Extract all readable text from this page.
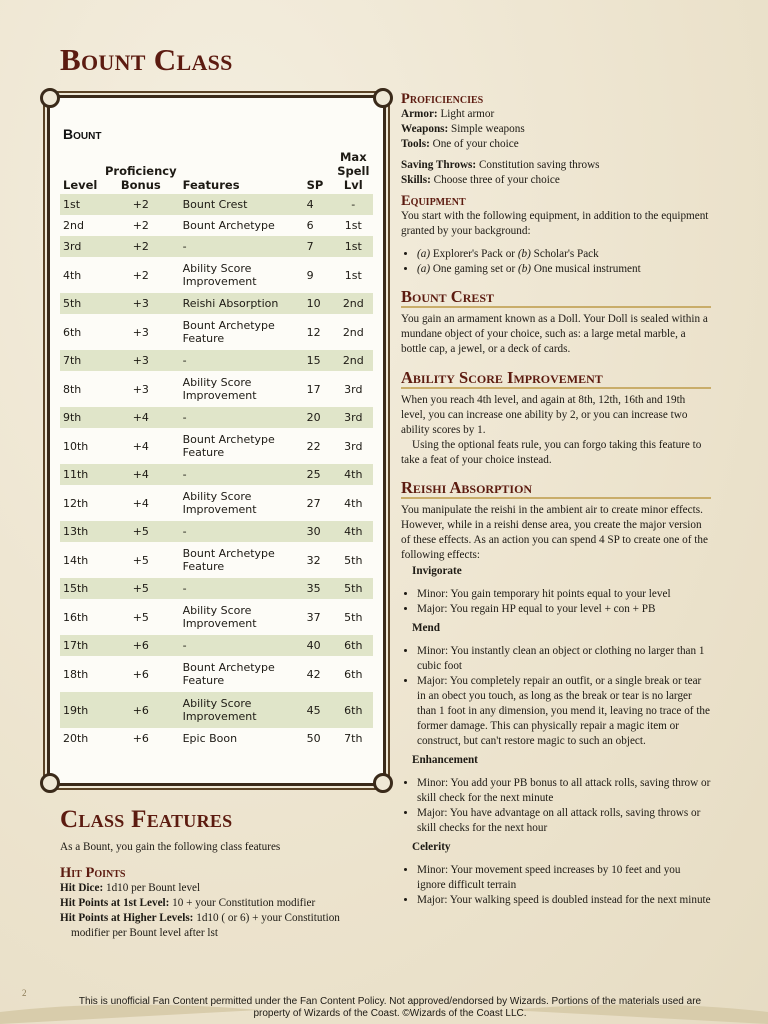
Bount Class
Bount
Level	Proficiency Bonus	Features	SP	Max Spell Lvl
1st	+2	Bount Crest	4	-
2nd	+2	Bount Archetype	6	1st
3rd	+2	-	7	1st
4th	+2	Ability Score Improvement	9	1st
5th	+3	Reishi Absorption	10	2nd
6th	+3	Bount Archetype Feature	12	2nd
7th	+3	-	15	2nd
8th	+3	Ability Score Improvement	17	3rd
9th	+4	-	20	3rd
10th	+4	Bount Archetype Feature	22	3rd
11th	+4	-	25	4th
12th	+4	Ability Score Improvement	27	4th
13th	+5	-	30	4th
14th	+5	Bount Archetype Feature	32	5th
15th	+5	-	35	5th
16th	+5	Ability Score Improvement	37	5th
17th	+6	-	40	6th
18th	+6	Bount Archetype Feature	42	6th
19th	+6	Ability Score Improvement	45	6th
20th	+6	Epic Boon	50	7th
Class Features

As a Bount, you gain the following class features

Hit Points

Hit Dice: 1d10 per Bount level

Hit Points at 1st Level: 10 + your Constitution modifier

Hit Points at Higher Levels: 1d10 ( or 6) + your Constitution modifier per Bount level after lst

Proficiencies

Armor: Light armor

Weapons: Simple weapons

Tools: One of your choice

Saving Throws: Constitution saving throws

Skills: Choose three of your choice

Equipment

You start with the following equipment, in addition to the equipment granted by your background:

• (a) Explorer's Pack or (b) Scholar's Pack
• (a) One gaming set or (b) One musical instrument
Bount Crest

You gain an armament known as a Doll. Your Doll is sealed within a mundane object of your choice, such as: a large metal marble, a bottle cap, a jewel, or a deck of cards.

Ability Score Improvement

When you reach 4th level, and again at 8th, 12th, 16th and 19th level, you can increase one ability by 2, or you can increase two ability scores by 1.

Using the optional feats rule, you can forgo taking this feature to take a feat of your choice instead.

Reishi Absorption

You manipulate the reishi in the ambient air to create minor effects. However, while in a reishi dense area, you create the major version of these effects. As an action you can spend 4 SP to create one of the following effects:

Invigorate
• Minor: You gain temporary hit points equal to your level
• Major: You regain HP equal to your level + con + PB
Mend
• Minor: You instantly clean an object or clothing no larger than 1 cubic foot
• Major: You completely repair an outfit, or a single break or tear in an obect you touch, as long as the break or tear is no larger than 1 foot in any dimension, you mend it, leaving no trace of the former damage. This can physically repair a magic item or construct, but can't restore magic to such an object.
Enhancement
• Minor: You add your PB bonus to all attack rolls, saving throw or skill check for the next minute
• Major: You have advantage on all attack rolls, saving throws or skill checks for the next hour
Celerity
• Minor: Your movement speed increases by 10 feet and you ignore difficult terrain
• Major: Your walking speed is doubled instead for the next minute
2
This is unofficial Fan Content permitted under the Fan Content Policy. Not approved/endorsed by Wizards. Portions of the materials used are property of Wizards of the Coast. ©Wizards of the Coast LLC.
